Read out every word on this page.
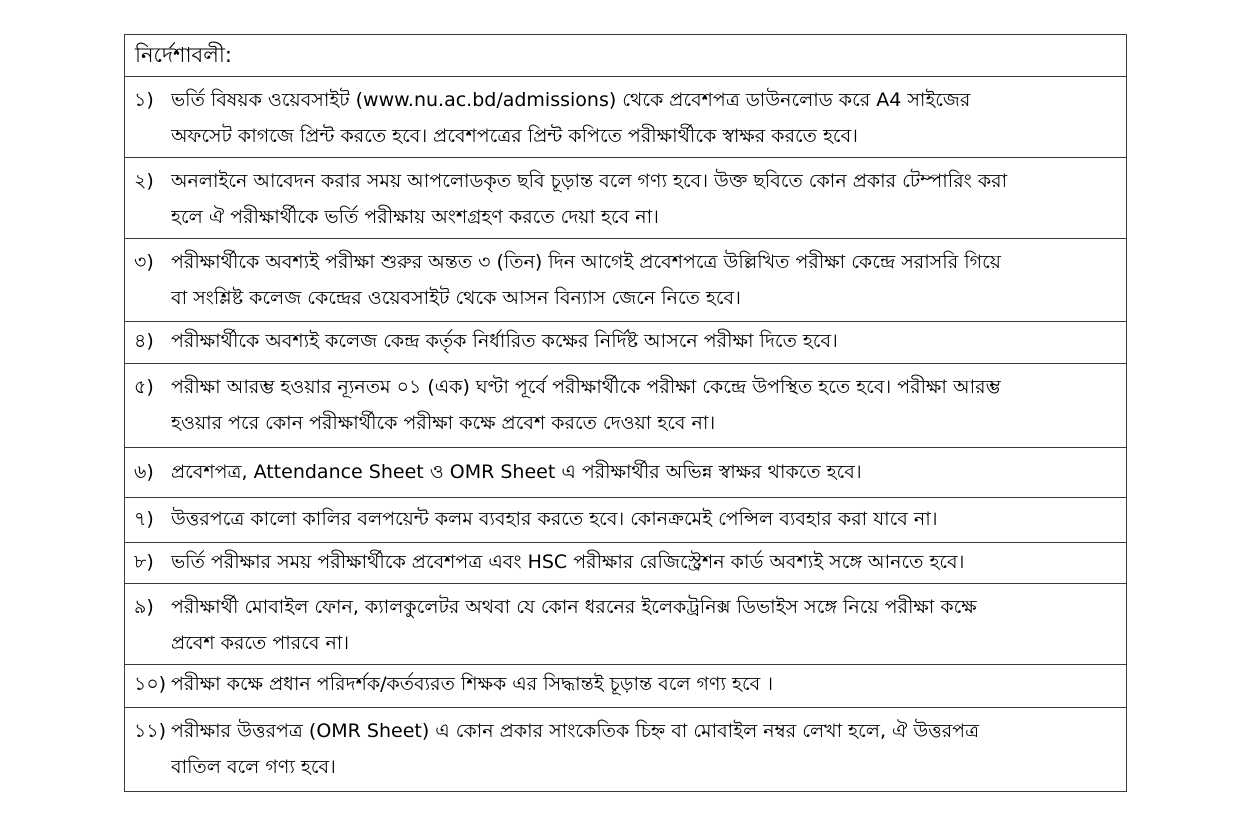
নির্দেশাবলী:
১) ভর্তি বিষয়ক ওয়েবসাইট (www.nu.ac.bd/admissions) থেকে প্রবেশপত্র ডাউনলোড করে A4 সাইজের
অফসেট কাগজে প্রিন্ট করতে হবে। প্রবেশপত্রের প্রিন্ট কপিতে পরীক্ষার্থীকে স্বাক্ষর করতে হবে।
২) অনলাইনে আবেদন করার সময় আপলোডকৃত ছবি চূড়ান্ত বলে গণ্য হবে। উক্ত ছবিতে কোন প্রকার টেম্পারিং করা
হলে ঐ পরীক্ষার্থীকে ভর্তি পরীক্ষায় অংশগ্রহণ করতে দেয়া হবে না।
৩) পরীক্ষার্থীকে অবশ্যই পরীক্ষা শুরুর অন্তত ৩ (তিন) দিন আগেই প্রবেশপত্রে উল্লিখিত পরীক্ষা কেন্দ্রে সরাসরি গিয়ে
বা সংশ্লিষ্ট কলেজ কেন্দ্রের ওয়েবসাইট থেকে আসন বিন্যাস জেনে নিতে হবে।
৪) পরীক্ষার্থীকে অবশ্যই কলেজ কেন্দ্র কর্তৃক নির্ধারিত কক্ষের নির্দিষ্ট আসনে পরীক্ষা দিতে হবে।
৫) পরীক্ষা আরম্ভ হওয়ার ন্যূনতম ০১ (এক) ঘণ্টা পূর্বে পরীক্ষার্থীকে পরীক্ষা কেন্দ্রে উপস্থিত হতে হবে। পরীক্ষা আরম্ভ
হওয়ার পরে কোন পরীক্ষার্থীকে পরীক্ষা কক্ষে প্রবেশ করতে দেওয়া হবে না।
৬) প্রবেশপত্র, Attendance Sheet ও OMR Sheet এ পরীক্ষার্থীর অভিন্ন স্বাক্ষর থাকতে হবে।
৭) উত্তরপত্রে কালো কালির বলপয়েন্ট কলম ব্যবহার করতে হবে। কোনক্রমেই পেন্সিল ব্যবহার করা যাবে না।
৮) ভর্তি পরীক্ষার সময় পরীক্ষার্থীকে প্রবেশপত্র এবং HSC পরীক্ষার রেজিস্ট্রেশন কার্ড অবশ্যই সঙ্গে আনতে হবে।
৯) পরীক্ষার্থী মোবাইল ফোন, ক্যালকুলেটর অথবা যে কোন ধরনের ইলেকট্রনিক্স ডিভাইস সঙ্গে নিয়ে পরীক্ষা কক্ষে
প্রবেশ করতে পারবে না।
১০) পরীক্ষা কক্ষে প্রধান পরিদর্শক/কর্তব্যরত শিক্ষক এর সিদ্ধান্তই চূড়ান্ত বলে গণ্য হবে ।
১১) পরীক্ষার উত্তরপত্র (OMR Sheet) এ কোন প্রকার সাংকেতিক চিহ্ন বা মোবাইল নম্বর লেখা হলে, ঐ উত্তরপত্র
বাতিল বলে গণ্য হবে।
